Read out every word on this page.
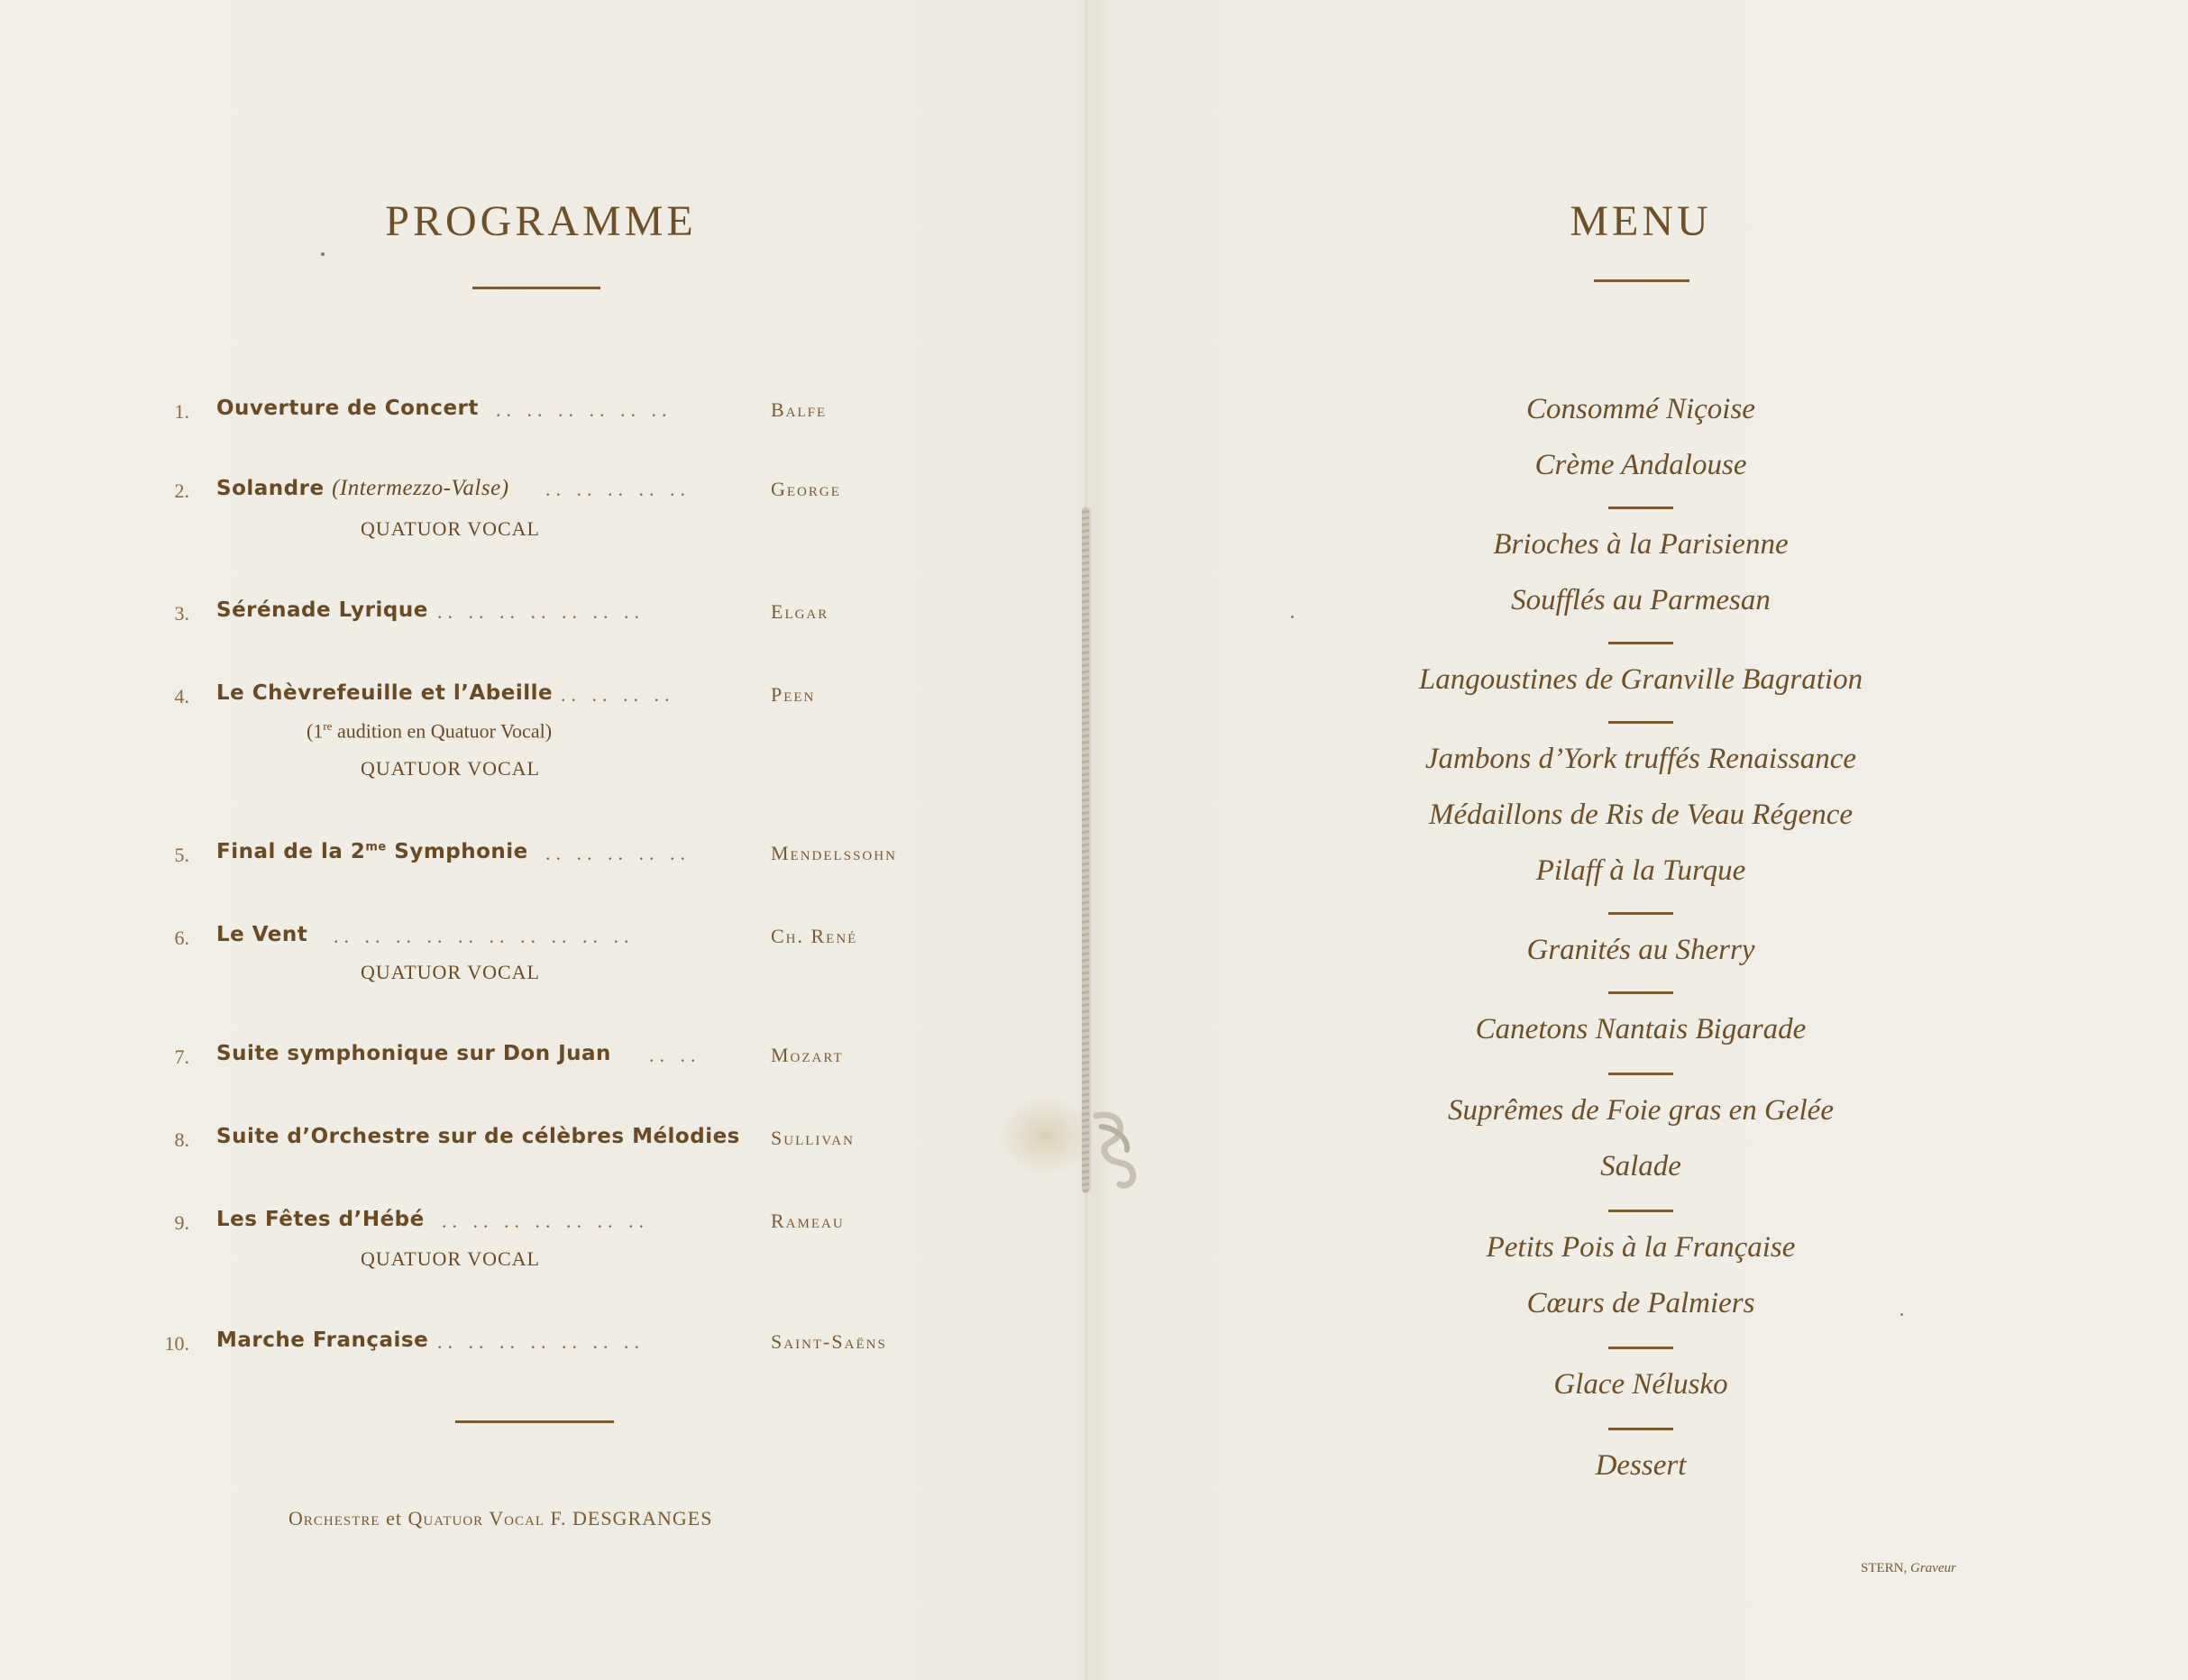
PROGRAMME
1. Ouverture de Concert .. .. .. .. .. ..	Balfe
2. Solandre (Intermezzo-Valse) .. .. .. .. ..	George
QUATUOR VOCAL
3. Sérénade Lyrique .. .. .. .. .. .. ..	Elgar
4. Le Chèvrefeuille et l’Abeille .. .. .. ..	Peen
(1re audition en Quatuor Vocal)
QUATUOR VOCAL
5. Final de la $2^{me}$ Symphonie .. .. .. .. ..	Mendelssohn
6. Le Vent .. .. .. .. .. .. .. .. .. ..	Ch. René
QUATUOR VOCAL
7. Suite symphonique sur Don Juan .. ..	Mozart
8. Suite d’Orchestre sur de célèbres Mélodies Sullivan
9. Les Fêtes d’Hébé .. .. .. .. .. .. ..	Rameau
QUATUOR VOCAL
10. Marche Française .. .. .. .. .. .. ..	Saint-Saëns
Orchestre et Quatuor Vocal F. DESGRANGES
MENU
Consommé Niçoise
Crème Andalouse
Brioches à la Parisienne
Soufflés au Parmesan
Langoustines de Granville Bagration
Jambons d’York truffés Renaissance
Médaillons de Ris de Veau Régence
Pilaff à la Turque
Granités au Sherry
Canetons Nantais Bigarade
Suprêmes de Foie gras en Gelée
Salade
Petits Pois à la Française
Cœurs de Palmiers
Glace Nélusko
Dessert
STERN, Graveur
